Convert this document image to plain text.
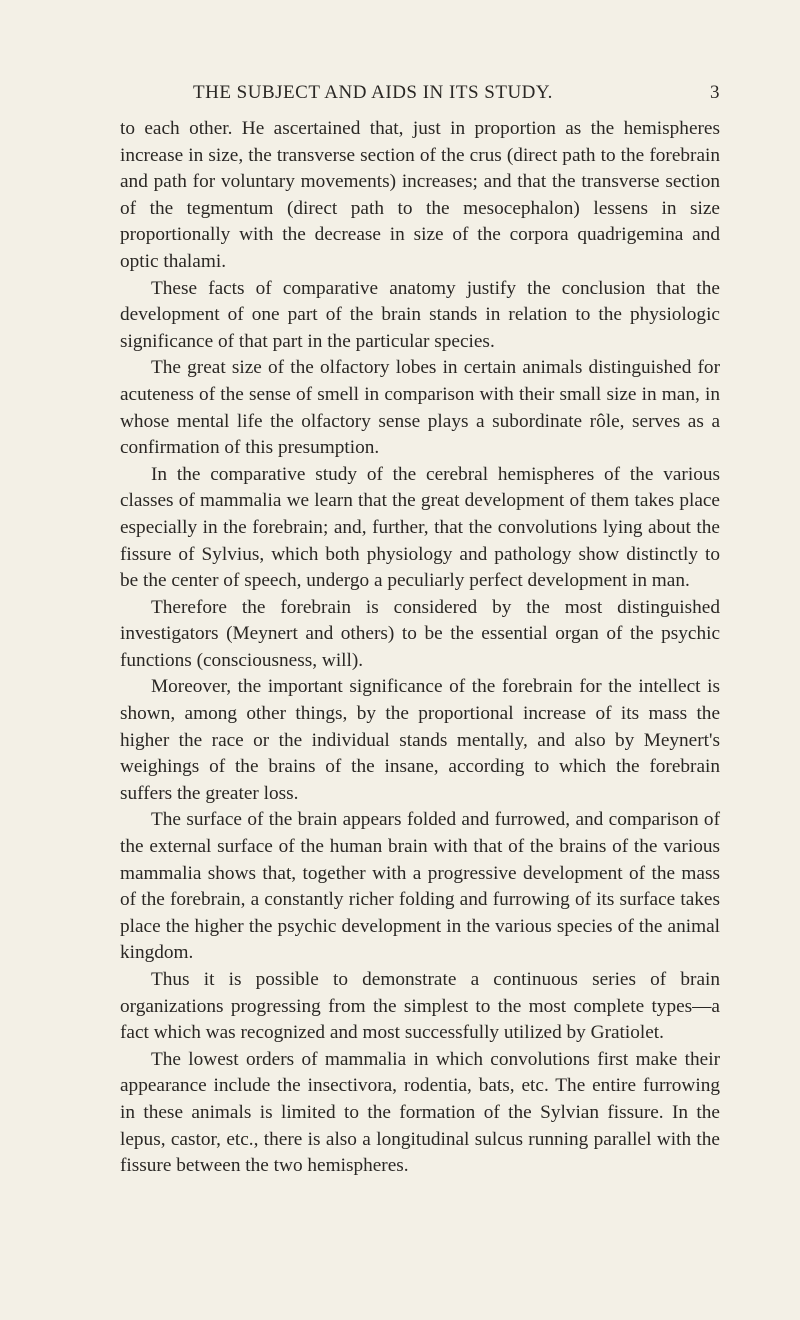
THE SUBJECT AND AIDS IN ITS STUDY.	3

to each other. He ascertained that, just in proportion as the hemispheres increase in size, the transverse section of the crus (direct path to the forebrain and path for voluntary movements) increases; and that the transverse section of the tegmentum (direct path to the mesocephalon) lessens in size proportionally with the decrease in size of the corpora quadrigemina and optic thalami.

These facts of comparative anatomy justify the conclusion that the development of one part of the brain stands in relation to the physiologic significance of that part in the particular species.

The great size of the olfactory lobes in certain animals distinguished for acuteness of the sense of smell in comparison with their small size in man, in whose mental life the olfactory sense plays a subordinate rôle, serves as a confirmation of this presumption.

In the comparative study of the cerebral hemispheres of the various classes of mammalia we learn that the great development of them takes place especially in the forebrain; and, further, that the convolutions lying about the fissure of Sylvius, which both physiology and pathology show distinctly to be the center of speech, undergo a peculiarly perfect development in man.

Therefore the forebrain is considered by the most distinguished investigators (Meynert and others) to be the essential organ of the psychic functions (consciousness, will).

Moreover, the important significance of the forebrain for the intellect is shown, among other things, by the proportional increase of its mass the higher the race or the individual stands mentally, and also by Meynert's weighings of the brains of the insane, according to which the forebrain suffers the greater loss.

The surface of the brain appears folded and furrowed, and comparison of the external surface of the human brain with that of the brains of the various mammalia shows that, together with a progressive development of the mass of the forebrain, a constantly richer folding and furrowing of its surface takes place the higher the psychic development in the various species of the animal kingdom.

Thus it is possible to demonstrate a continuous series of brain organizations progressing from the simplest to the most complete types—a fact which was recognized and most successfully utilized by Gratiolet.

The lowest orders of mammalia in which convolutions first make their appearance include the insectivora, rodentia, bats, etc. The entire furrowing in these animals is limited to the formation of the Sylvian fissure. In the lepus, castor, etc., there is also a longitudinal sulcus running parallel with the fissure between the two hemispheres.
